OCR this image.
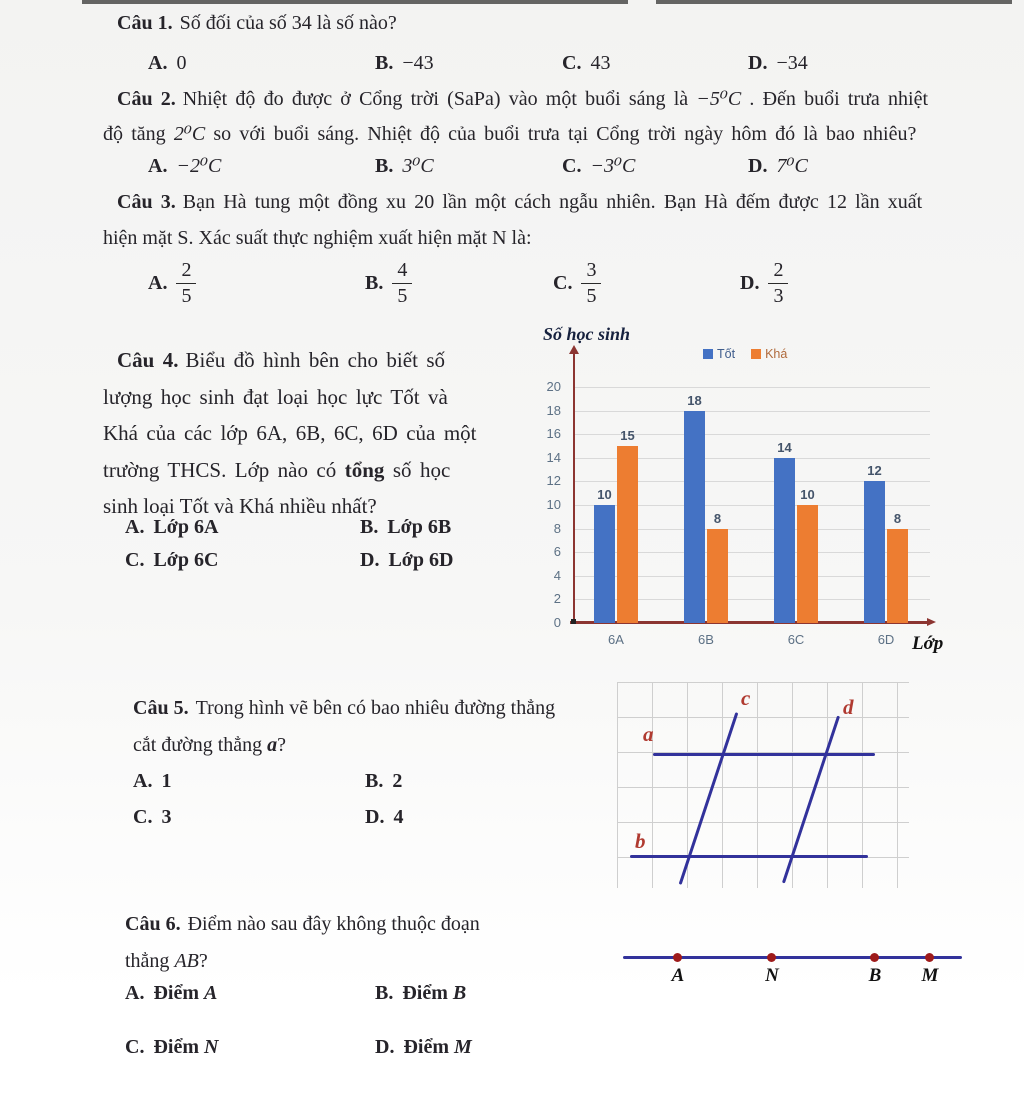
Câu 1. Số đối của số 34 là số nào?
A. 0	B. −43	C. 43	D. −34
Câu 2. Nhiệt độ đo được ở Cổng trời (SaPa) vào một buổi sáng là −5⁰C . Đến buổi trưa nhiệt
độ tăng 2⁰C so với buổi sáng. Nhiệt độ của buổi trưa tại Cổng trời ngày hôm đó là bao nhiêu?
A. −2⁰C	B. 3⁰C	C. −3⁰C	D. 7⁰C
Câu 3. Bạn Hà tung một đồng xu 20 lần một cách ngẫu nhiên. Bạn Hà đếm được 12 lần xuất
hiện mặt S. Xác suất thực nghiệm xuất hiện mặt N là:
A. $\frac{2}{5}$	B. $\frac{4}{5}$	C. $\frac{3}{5}$	D. $\frac{2}{3}$
Câu 4. Biểu đồ hình bên cho biết số
lượng học sinh đạt loại học lực Tốt và
Khá của các lớp 6A, 6B, 6C, 6D của một
trường THCS. Lớp nào có tổng số học
sinh loại Tốt và Khá nhiều nhất?
A. Lớp 6A	B. Lớp 6B
C. Lớp 6C	D. Lớp 6D
Số học sinh
Tốt Khá
0
2
4
6
8
10
12
14
16
18
20
10
15
6A
18
8
6B
14
10
6C
12
8
6D Lớp
Câu 5. Trong hình vẽ bên có bao nhiêu đường thẳng
cắt đường thẳng a?
A. 1	B. 2
C. 3	D. 4
a
b
c	d
Câu 6. Điểm nào sau đây không thuộc đoạn
thẳng AB?
A. Điểm A	B. Điểm B
C. Điểm N	D. Điểm M
A	N	B	M
